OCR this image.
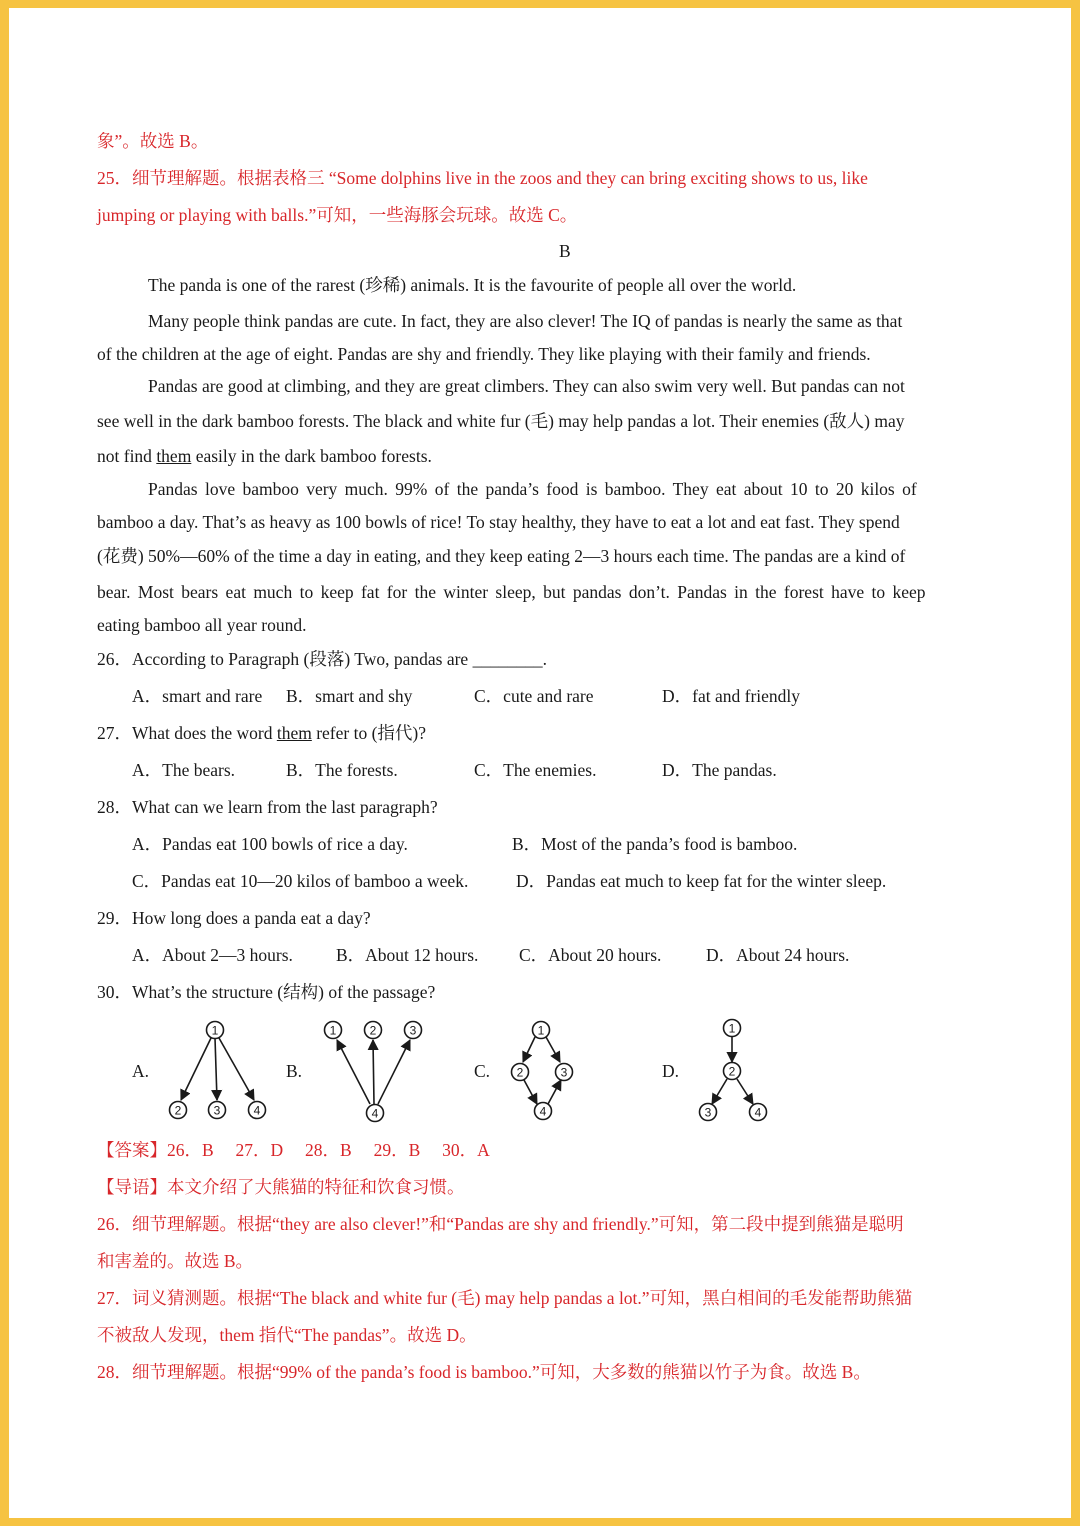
象”。故选 B。
25．细节理解题。根据表格三 “Some dolphins live in the zoos and they can bring exciting shows to us, like
jumping or playing with balls.”可知，一些海豚会玩球。故选 C。
B
The panda is one of the rarest (珍稀) animals. It is the favourite of people all over the world.
Many people think pandas are cute. In fact, they are also clever! The IQ of pandas is nearly the same as that
of the children at the age of eight. Pandas are shy and friendly. They like playing with their family and friends.
Pandas are good at climbing, and they are great climbers. They can also swim very well. But pandas can not
see well in the dark bamboo forests. The black and white fur (毛) may help pandas a lot. Their enemies (敌人) may
not find them easily in the dark bamboo forests.
Pandas love bamboo very much. 99% of the panda’s food is bamboo. They eat about 10 to 20 kilos of
bamboo a day. That’s as heavy as 100 bowls of rice! To stay healthy, they have to eat a lot and eat fast. They spend
(花费) 50%—60% of the time a day in eating, and they keep eating 2—3 hours each time. The pandas are a kind of
bear. Most bears eat much to keep fat for the winter sleep, but pandas don’t. Pandas in the forest have to keep
eating bamboo all year round.
26．According to Paragraph (段落) Two, pandas are ________.
A．smart and rare B．smart and shy	C．cute and rare	D．fat and friendly
27．What does the word them refer to (指代)?
A．The bears.	B．The forests.	C．The enemies.	D．The pandas.
28．What can we learn from the last paragraph?
A．Pandas eat 100 bowls of rice a day.	B．Most of the panda’s food is bamboo.
C．Pandas eat 10—20 kilos of bamboo a week.	D．Pandas eat much to keep fat for the winter sleep.
29．How long does a panda eat a day?
A．About 2—3 hours. B．About 12 hours. C．About 20 hours.	D．About 24 hours.
30．What’s the structure (结构) of the passage?
A.	B.	C.	D.
1
2	3	4
1	2	3
4
1
2	3
4
1
2
3	4
【答案】26．B     27．D     28．B     29．B     30．A
【导语】本文介绍了大熊猫的特征和饮食习惯。
26．细节理解题。根据“they are also clever!”和“Pandas are shy and friendly.”可知，第二段中提到熊猫是聪明
和害羞的。故选 B。
27．词义猜测题。根据“The black and white fur (毛) may help pandas a lot.”可知，黑白相间的毛发能帮助熊猫
不被敌人发现，them 指代“The pandas”。故选 D。
28．细节理解题。根据“99% of the panda’s food is bamboo.”可知，大多数的熊猫以竹子为食。故选 B。
